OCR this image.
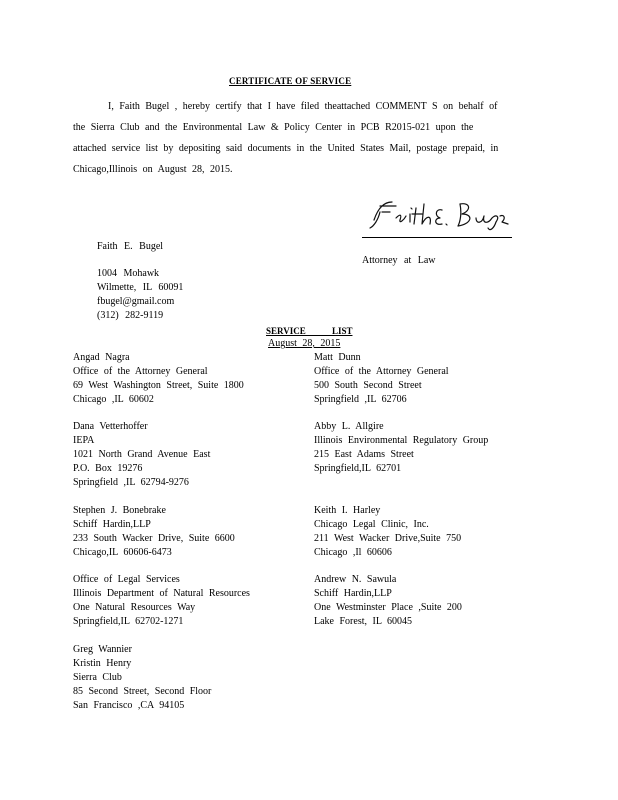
CERTIFICATE OF SERVICE
I, Faith Bugel , hereby certify that I have filed theattached COMMENT S on behalf of
the Sierra Club and the Environmental Law & Policy Center in PCB R2015-021 upon the
attached service list by depositing said documents in the United States Mail, postage prepaid, in
Chicago,Illinois on August 28, 2015.
Faith E. Bugel
Attorney at Law
1004 Mohawk
Wilmette, IL 60091
fbugel@gmail.com
(312) 282-9119
SERVICE LIST
August 28, 2015
Angad Nagra
Office of the Attorney General
69 West Washington Street, Suite 1800
Chicago ,IL 60602
Dana Vetterhoffer
IEPA
1021 North Grand Avenue East
P.O. Box 19276
Springfield ,IL 62794-9276
Stephen J. Bonebrake
Schiff Hardin,LLP
233 South Wacker Drive, Suite 6600
Chicago,IL 60606-6473
Office of Legal Services
Illinois Department of Natural Resources
One Natural Resources Way
Springfield,IL 62702-1271
Greg Wannier
Kristin Henry
Sierra Club
85 Second Street, Second Floor
San Francisco ,CA 94105
Matt Dunn
Office of the Attorney General
500 South Second Street
Springfield ,IL 62706
Abby L. Allgire
Illinois Environmental Regulatory Group
215 East Adams Street
Springfield,IL 62701
Keith I. Harley
Chicago Legal Clinic, Inc.
211 West Wacker Drive,Suite 750
Chicago ,Il 60606
Andrew N. Sawula
Schiff Hardin,LLP
One Westminster Place ,Suite 200
Lake Forest, IL 60045
